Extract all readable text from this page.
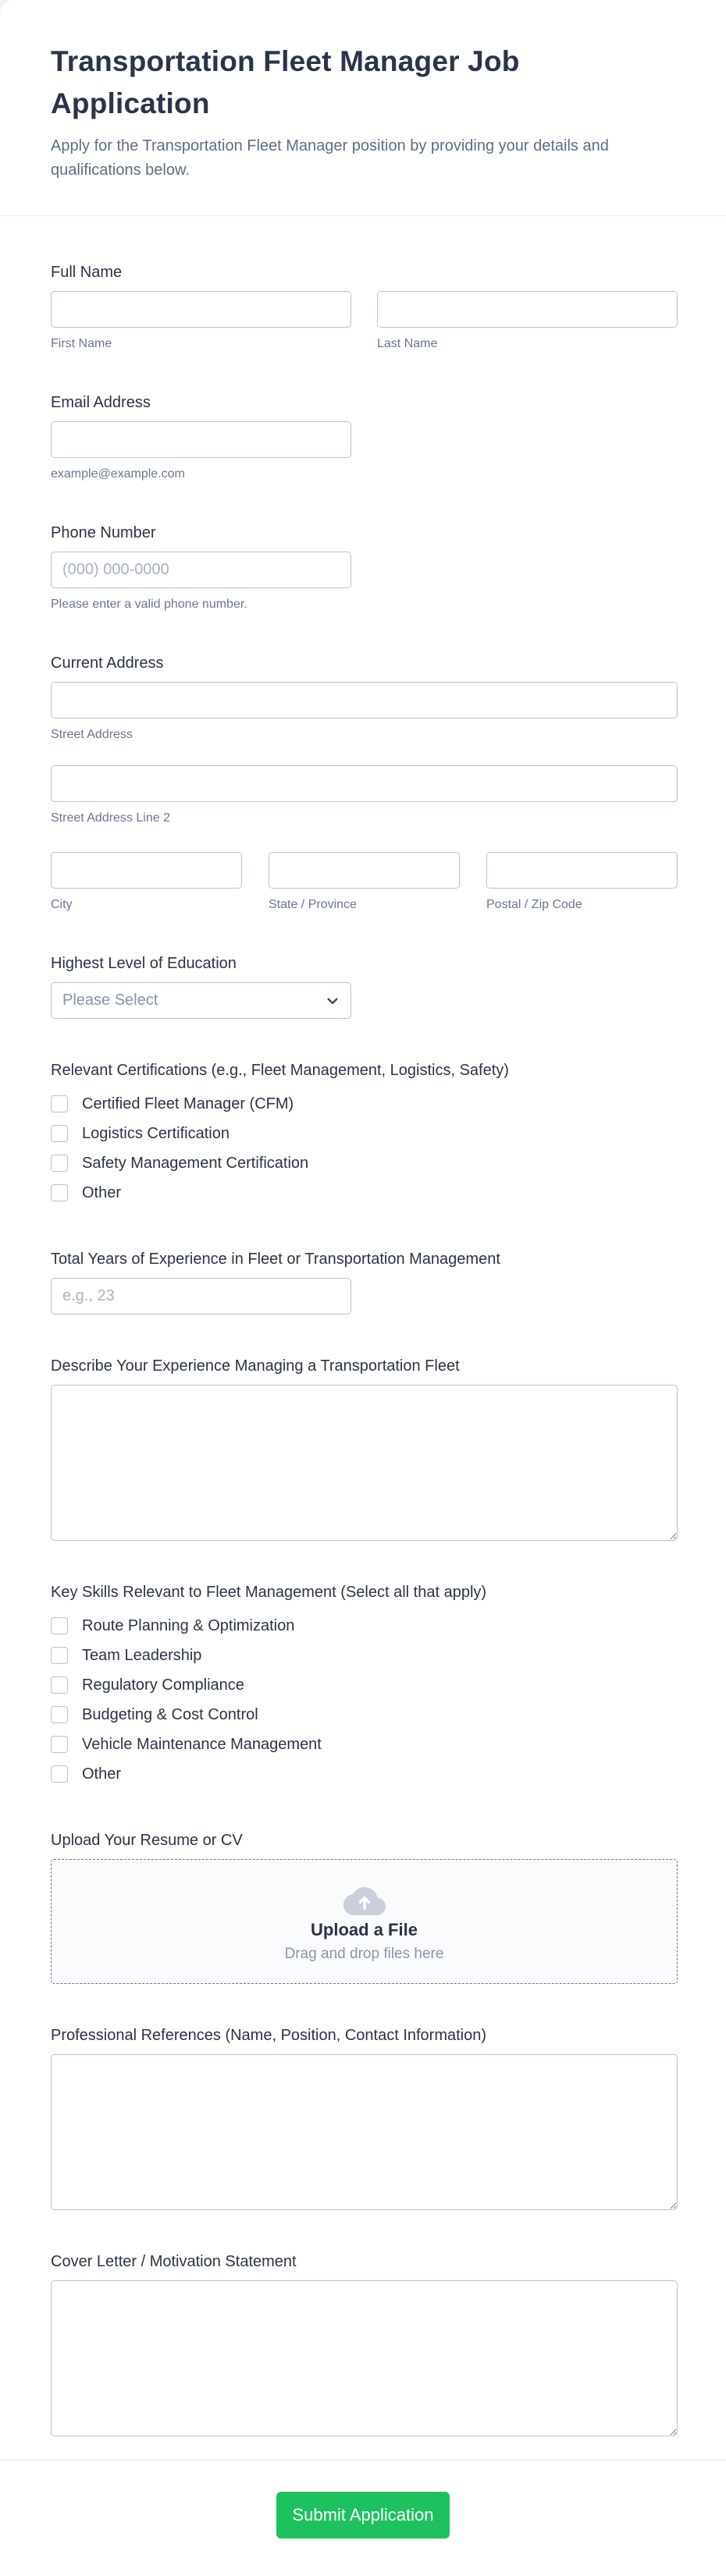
Transportation Fleet Manager Job Application

Apply for the Transportation Fleet Manager position by providing your details and qualifications below.

Full Name
First Name	Last Name
Email Address
example@example.com
Phone Number
(000) 000-0000
Please enter a valid phone number.
Current Address
Street Address
Street Address Line 2
City	State / Province	Postal / Zip Code
Highest Level of Education
Please Select
Relevant Certifications (e.g., Fleet Management, Logistics, Safety)
Certified Fleet Manager (CFM)
Logistics Certification
Safety Management Certification
Other
Total Years of Experience in Fleet or Transportation Management
e.g., 23
Describe Your Experience Managing a Transportation Fleet
Key Skills Relevant to Fleet Management (Select all that apply)
Route Planning & Optimization
Team Leadership
Regulatory Compliance
Budgeting & Cost Control
Vehicle Maintenance Management
Other
Upload Your Resume or CV
Upload a File
Drag and drop files here
Professional References (Name, Position, Contact Information)
Cover Letter / Motivation Statement
Submit Application
